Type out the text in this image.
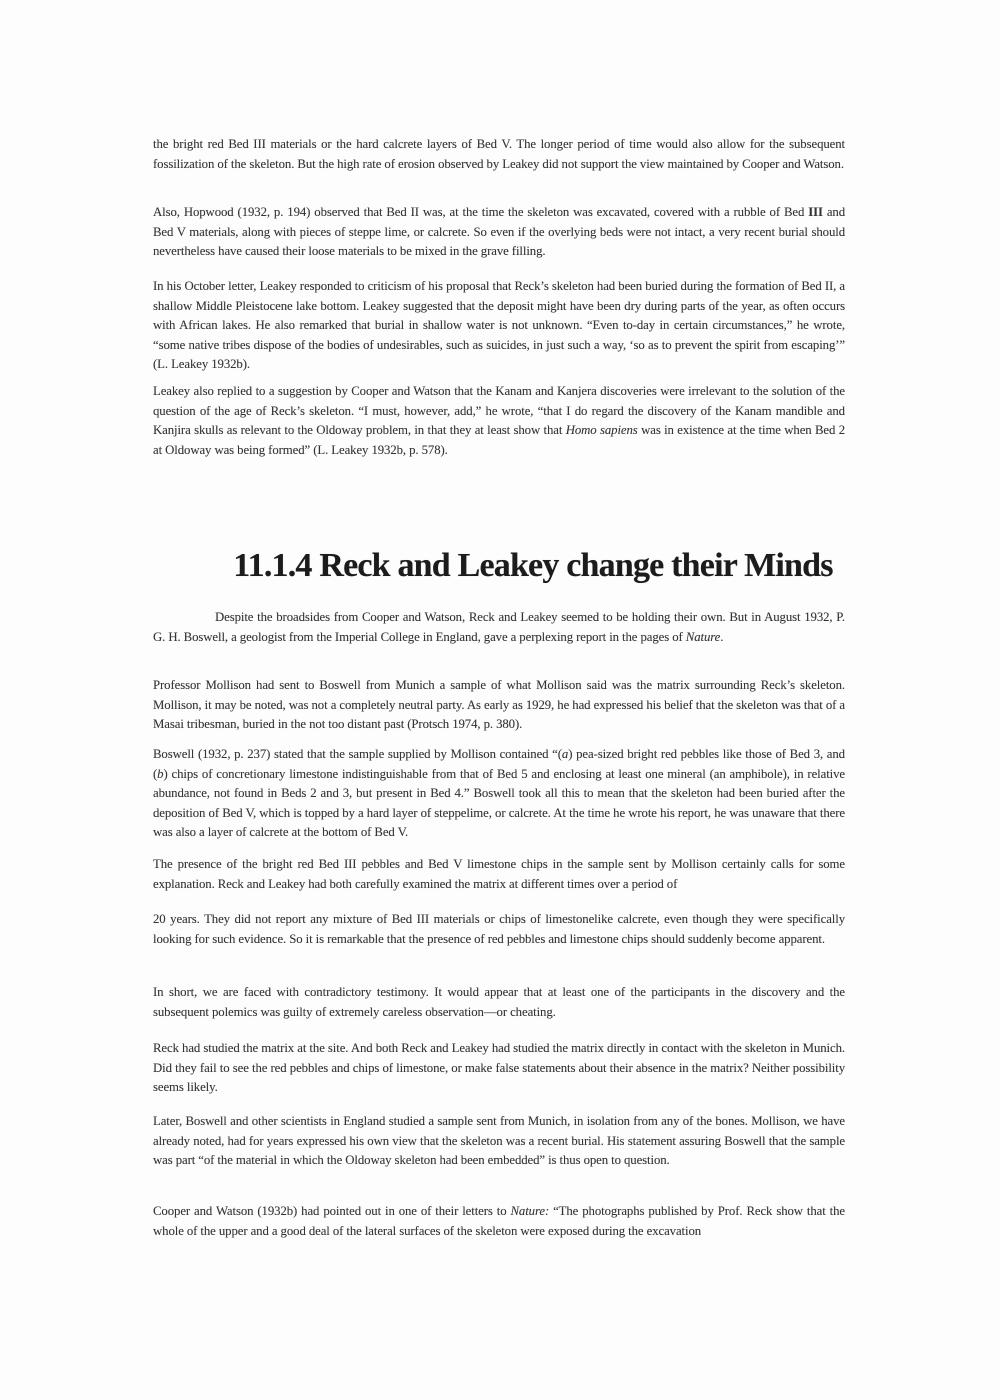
the bright red Bed III materials or the hard calcrete layers of Bed V. The longer period of time would also allow for the subsequent fossilization of the skeleton. But the high rate of erosion observed by Leakey did not support the view maintained by Cooper and Watson.

Also, Hopwood (1932, p. 194) observed that Bed II was, at the time the skeleton was excavated, covered with a rubble of Bed III and Bed V materials, along with pieces of steppe lime, or calcrete. So even if the overlying beds were not intact, a very recent burial should nevertheless have caused their loose materials to be mixed in the grave filling.

In his October letter, Leakey responded to criticism of his proposal that Reck’s skeleton had been buried during the formation of Bed II, a shallow Middle Pleistocene lake bottom. Leakey suggested that the deposit might have been dry during parts of the year, as often occurs with African lakes. He also remarked that burial in shallow water is not unknown. “Even to-day in certain circumstances,” he wrote, “some native tribes dispose of the bodies of undesirables, such as suicides, in just such a way, ‘so as to prevent the spirit from escaping’” (L. Leakey 1932b).

Leakey also replied to a suggestion by Cooper and Watson that the Kanam and Kanjera discoveries were irrelevant to the solution of the question of the age of Reck’s skeleton. “I must, however, add,” he wrote, “that I do regard the discovery of the Kanam mandible and Kanjira skulls as relevant to the Oldoway problem, in that they at least show that Homo sapiens was in existence at the time when Bed 2 at Oldoway was being formed” (L. Leakey 1932b, p. 578).

11.1.4 Reck and Leakey change their Minds

Despite the broadsides from Cooper and Watson, Reck and Leakey seemed to be holding their own. But in August 1932, P. G. H. Boswell, a geologist from the Imperial College in England, gave a perplexing report in the pages of Nature.

Professor Mollison had sent to Boswell from Munich a sample of what Mollison said was the matrix surrounding Reck’s skeleton. Mollison, it may be noted, was not a completely neutral party. As early as 1929, he had expressed his belief that the skeleton was that of a Masai tribesman, buried in the not too distant past (Protsch 1974, p. 380).

Boswell (1932, p. 237) stated that the sample supplied by Mollison contained “(a) pea-sized bright red pebbles like those of Bed 3, and (b) chips of concretionary limestone indistinguishable from that of Bed 5 and enclosing at least one mineral (an amphibole), in relative abundance, not found in Beds 2 and 3, but present in Bed 4.” Boswell took all this to mean that the skeleton had been buried after the deposition of Bed V, which is topped by a hard layer of steppelime, or calcrete. At the time he wrote his report, he was unaware that there was also a layer of calcrete at the bottom of Bed V.

The presence of the bright red Bed III pebbles and Bed V limestone chips in the sample sent by Mollison certainly calls for some explanation. Reck and Leakey had both carefully examined the matrix at different times over a period of

20 years. They did not report any mixture of Bed III materials or chips of limestonelike calcrete, even though they were specifically looking for such evidence. So it is remarkable that the presence of red pebbles and limestone chips should suddenly become apparent.

In short, we are faced with contradictory testimony. It would appear that at least one of the participants in the discovery and the subsequent polemics was guilty of extremely careless observation—or cheating.

Reck had studied the matrix at the site. And both Reck and Leakey had studied the matrix directly in contact with the skeleton in Munich. Did they fail to see the red pebbles and chips of limestone, or make false statements about their absence in the matrix? Neither possibility seems likely.

Later, Boswell and other scientists in England studied a sample sent from Munich, in isolation from any of the bones. Mollison, we have already noted, had for years expressed his own view that the skeleton was a recent burial. His statement assuring Boswell that the sample was part “of the material in which the Oldoway skeleton had been embedded” is thus open to question.

Cooper and Watson (1932b) had pointed out in one of their letters to Nature: “The photographs published by Prof. Reck show that the whole of the upper and a good deal of the lateral surfaces of the skeleton were exposed during the excavation
